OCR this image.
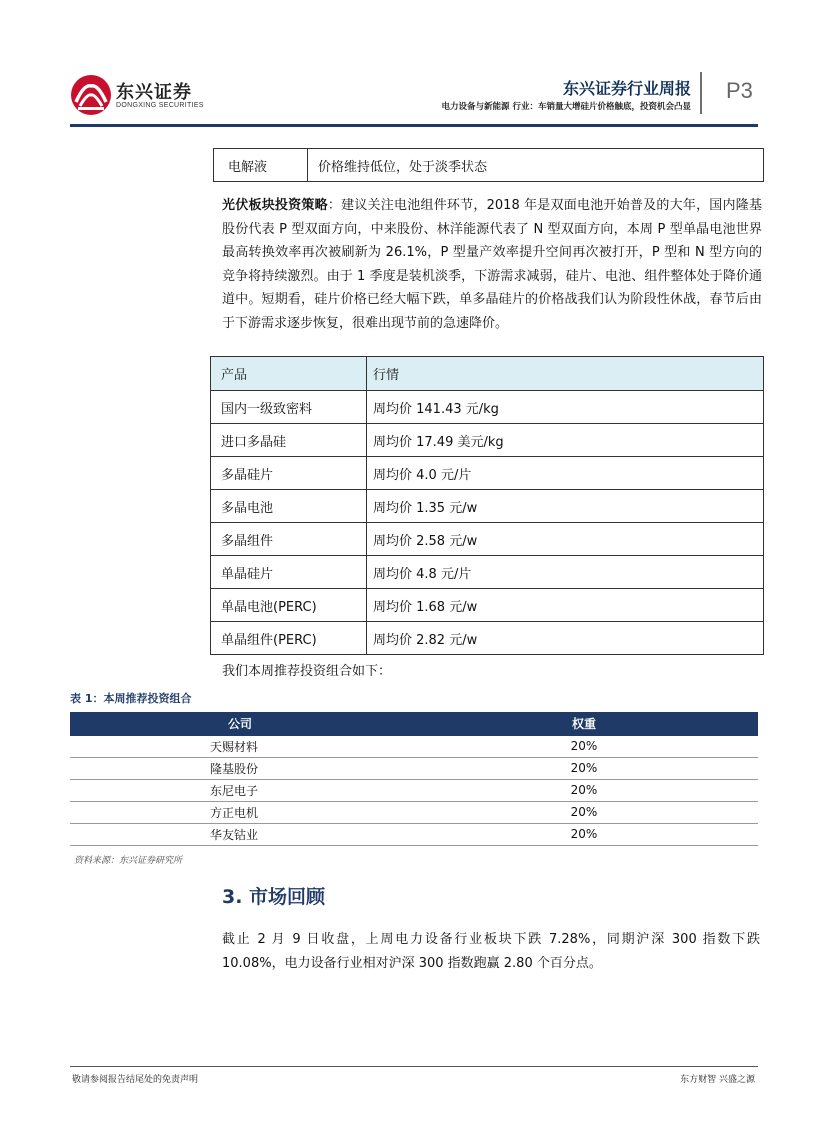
东兴证券
DONGXING SECURITIES
东兴证券行业周报
电力设备与新能源 行业：车销量大增硅片价格触底，投资机会凸显
P3
电解液	价格维持低位，处于淡季状态

光伏板块投资策略：建议关注电池组件环节，2018 年是双面电池开始普及的大年，国内隆基股份代表 P 型双面方向，中来股份、林洋能源代表了 N 型双面方向，本周 P 型单晶电池世界最高转换效率再次被刷新为 26.1%，P 型量产效率提升空间再次被打开，P 型和 N 型方向的竞争将持续激烈。由于 1 季度是装机淡季，下游需求减弱，硅片、电池、组件整体处于降价通道中。短期看，硅片价格已经大幅下跌，单多晶硅片的价格战我们认为阶段性休战，春节后由于下游需求逐步恢复，很难出现节前的急速降价。

产品	行情
国内一级致密料	周均价 141.43 元/kg
进口多晶硅	周均价 17.49 美元/kg
多晶硅片	周均价 4.0 元/片
多晶电池	周均价 1.35 元/w
多晶组件	周均价 2.58 元/w
单晶硅片	周均价 4.8 元/片
单晶电池(PERC)	周均价 1.68 元/w
单晶组件(PERC)	周均价 2.82 元/w
我们本周推荐投资组合如下：
表 1：本周推荐投资组合
公司	权重
天赐材料	20%
隆基股份	20%
东尼电子	20%
方正电机	20%
华友钴业	20%
资料来源：东兴证券研究所
3. 市场回顾

截止 2 月 9 日收盘，上周电力设备行业板块下跌 7.28%，同期沪深 300 指数下跌 10.08%，电力设备行业相对沪深 300 指数跑赢 2.80 个百分点。

敬请参阅报告结尾处的免责声明	东方财智 兴盛之源
